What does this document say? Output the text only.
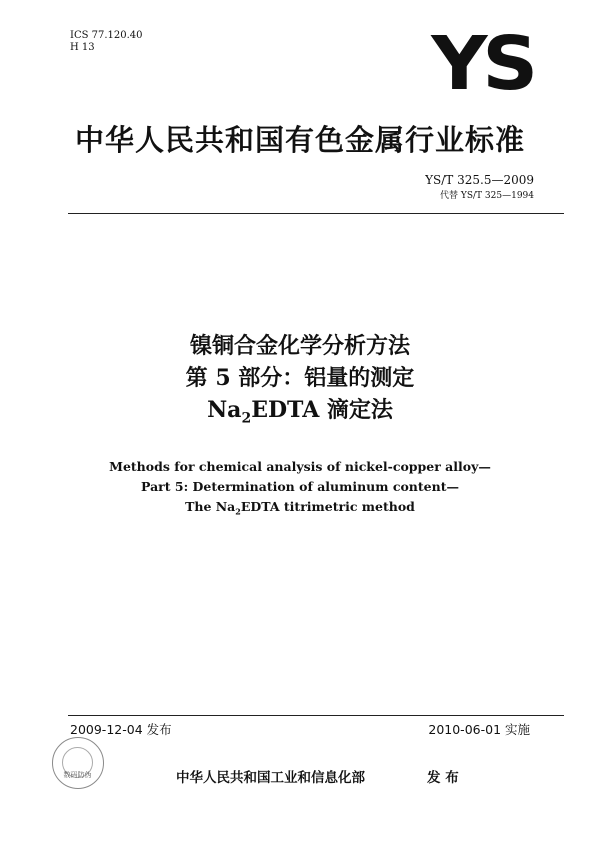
ICS 77.120.40
H 13	YS
中华人民共和国有色金属行业标准
YS/T 325.5—2009
代替 YS/T 325—1994
镍铜合金化学分析方法
第 5 部分：铝量的测定
$Na_2EDTA$ 滴定法
Methods for chemical analysis of nickel-copper alloy—
Part 5: Determination of aluminum content—
The $Na_2EDTA$ titrimetric method
2009-12-04 发布	2010-06-01 实施
数码防伪	中华人民共和国工业和信息化部	发 布
